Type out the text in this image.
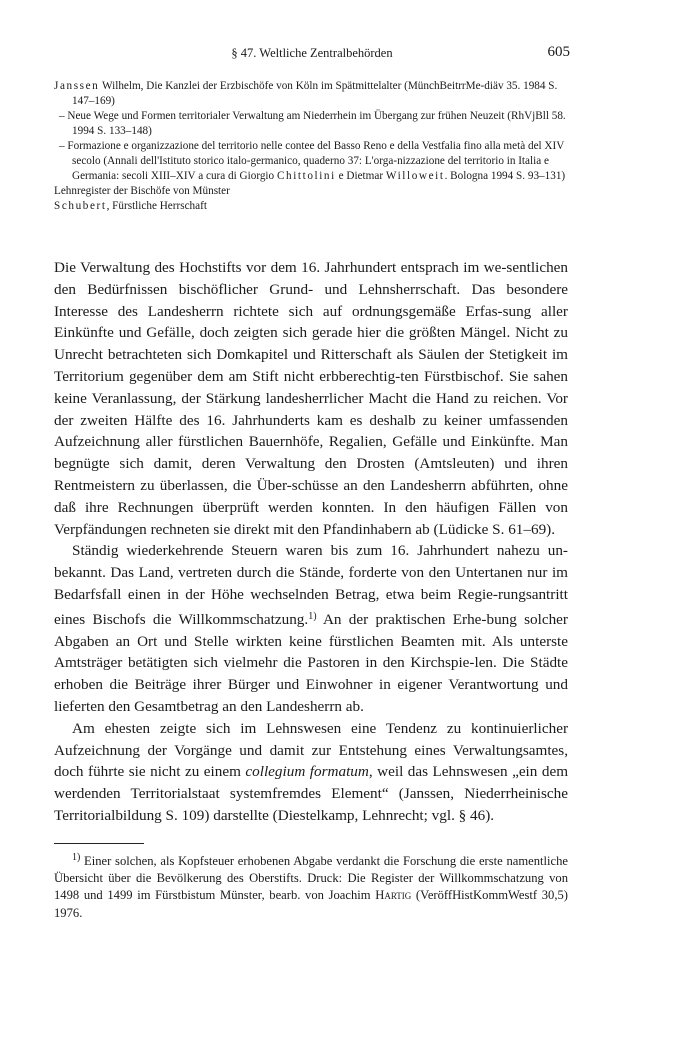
§ 47. Weltliche Zentralbehörden	605

Janssen Wilhelm, Die Kanzlei der Erzbischöfe von Köln im Spätmittelalter (MünchBeitrrMe-diäv 35. 1984 S. 147–169)

– Neue Wege und Formen territorialer Verwaltung am Niederrhein im Übergang zur frühen Neuzeit (RhVjBll 58. 1994 S. 133–148)

– Formazione e organizzazione del territorio nelle contee del Basso Reno e della Vestfalia fino alla metà del XIV secolo (Annali dell'Istituto storico italo-germanico, quaderno 37: L'orga-nizzazione del territorio in Italia e Germania: secoli XIII–XIV a cura di Giorgio Chittolini e Dietmar Willoweit. Bologna 1994 S. 93–131)

Lehnregister der Bischöfe von Münster

Schubert, Fürstliche Herrschaft

Die Verwaltung des Hochstifts vor dem 16. Jahrhundert entsprach im we-sentlichen den Bedürfnissen bischöflicher Grund- und Lehnsherrschaft. Das besondere Interesse des Landesherrn richtete sich auf ordnungsgemäße Erfas-sung aller Einkünfte und Gefälle, doch zeigten sich gerade hier die größten Mängel. Nicht zu Unrecht betrachteten sich Domkapitel und Ritterschaft als Säulen der Stetigkeit im Territorium gegenüber dem am Stift nicht erbberechtig-ten Fürstbischof. Sie sahen keine Veranlassung, der Stärkung landesherrlicher Macht die Hand zu reichen. Vor der zweiten Hälfte des 16. Jahrhunderts kam es deshalb zu keiner umfassenden Aufzeichnung aller fürstlichen Bauernhöfe, Regalien, Gefälle und Einkünfte. Man begnügte sich damit, deren Verwaltung den Drosten (Amtsleuten) und ihren Rentmeistern zu überlassen, die Über-schüsse an den Landesherrn abführten, ohne daß ihre Rechnungen überprüft werden konnten. In den häufigen Fällen von Verpfändungen rechneten sie direkt mit den Pfandinhabern ab (Lüdicke S. 61–69).

Ständig wiederkehrende Steuern waren bis zum 16. Jahrhundert nahezu un-bekannt. Das Land, vertreten durch die Stände, forderte von den Untertanen nur im Bedarfsfall einen in der Höhe wechselnden Betrag, etwa beim Regie-rungsantritt eines Bischofs die Willkommschatzung.$^{1)}$ An der praktischen Erhe-bung solcher Abgaben an Ort und Stelle wirkten keine fürstlichen Beamten mit. Als unterste Amtsträger betätigten sich vielmehr die Pastoren in den Kirchspie-len. Die Städte erhoben die Beiträge ihrer Bürger und Einwohner in eigener Verantwortung und lieferten den Gesamtbetrag an den Landesherrn ab.

Am ehesten zeigte sich im Lehnswesen eine Tendenz zu kontinuierlicher Aufzeichnung der Vorgänge und damit zur Entstehung eines Verwaltungsamtes, doch führte sie nicht zu einem collegium formatum, weil das Lehnswesen „ein dem werdenden Territorialstaat systemfremdes Element“ (Janssen, Niederrheinische Territorialbildung S. 109) darstellte (Diestelkamp, Lehnrecht; vgl. § 46).

$^{1)}$ Einer solchen, als Kopfsteuer erhobenen Abgabe verdankt die Forschung die erste namentliche Übersicht über die Bevölkerung des Oberstifts. Druck: Die Register der Willkommschatzung von 1498 und 1499 im Fürstbistum Münster, bearb. von Joachim Hartig (VeröffHistKommWestf 30,5) 1976.
